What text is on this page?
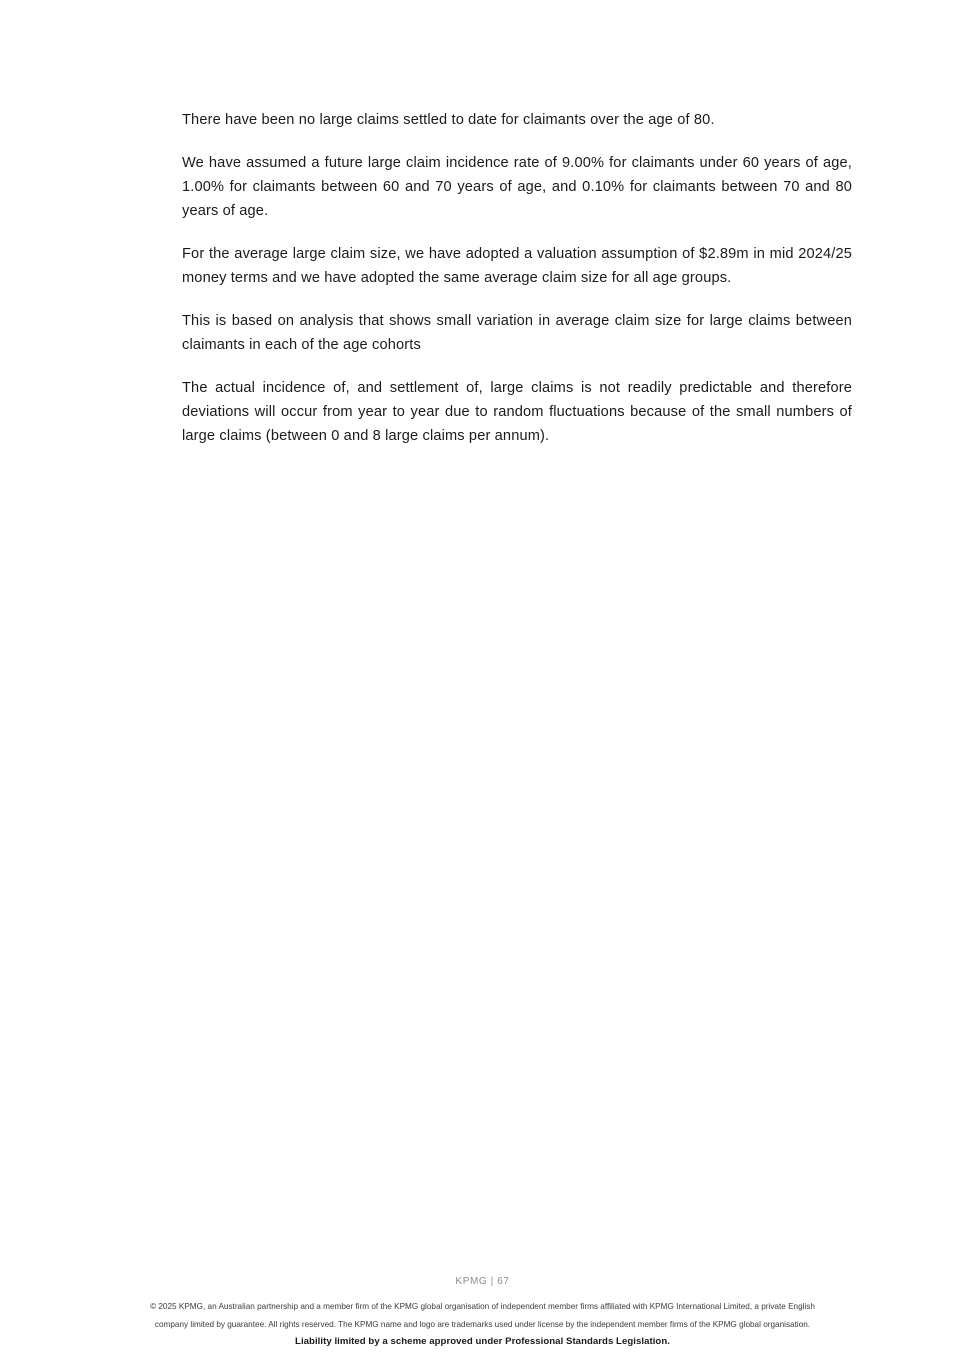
There have been no large claims settled to date for claimants over the age of 80.

We have assumed a future large claim incidence rate of 9.00% for claimants under 60 years of age, 1.00% for claimants between 60 and 70 years of age, and 0.10% for claimants between 70 and 80 years of age.

For the average large claim size, we have adopted a valuation assumption of $2.89m in mid 2024/25 money terms and we have adopted the same average claim size for all age groups.

This is based on analysis that shows small variation in average claim size for large claims between claimants in each of the age cohorts

The actual incidence of, and settlement of, large claims is not readily predictable and therefore deviations will occur from year to year due to random fluctuations because of the small numbers of large claims (between 0 and 8 large claims per annum).

KPMG | 67
© 2025 KPMG, an Australian partnership and a member firm of the KPMG global organisation of independent member firms affiliated with KPMG International Limited, a private English
company limited by guarantee. All rights reserved. The KPMG name and logo are trademarks used under license by the independent member firms of the KPMG global organisation.
Liability limited by a scheme approved under Professional Standards Legislation.
